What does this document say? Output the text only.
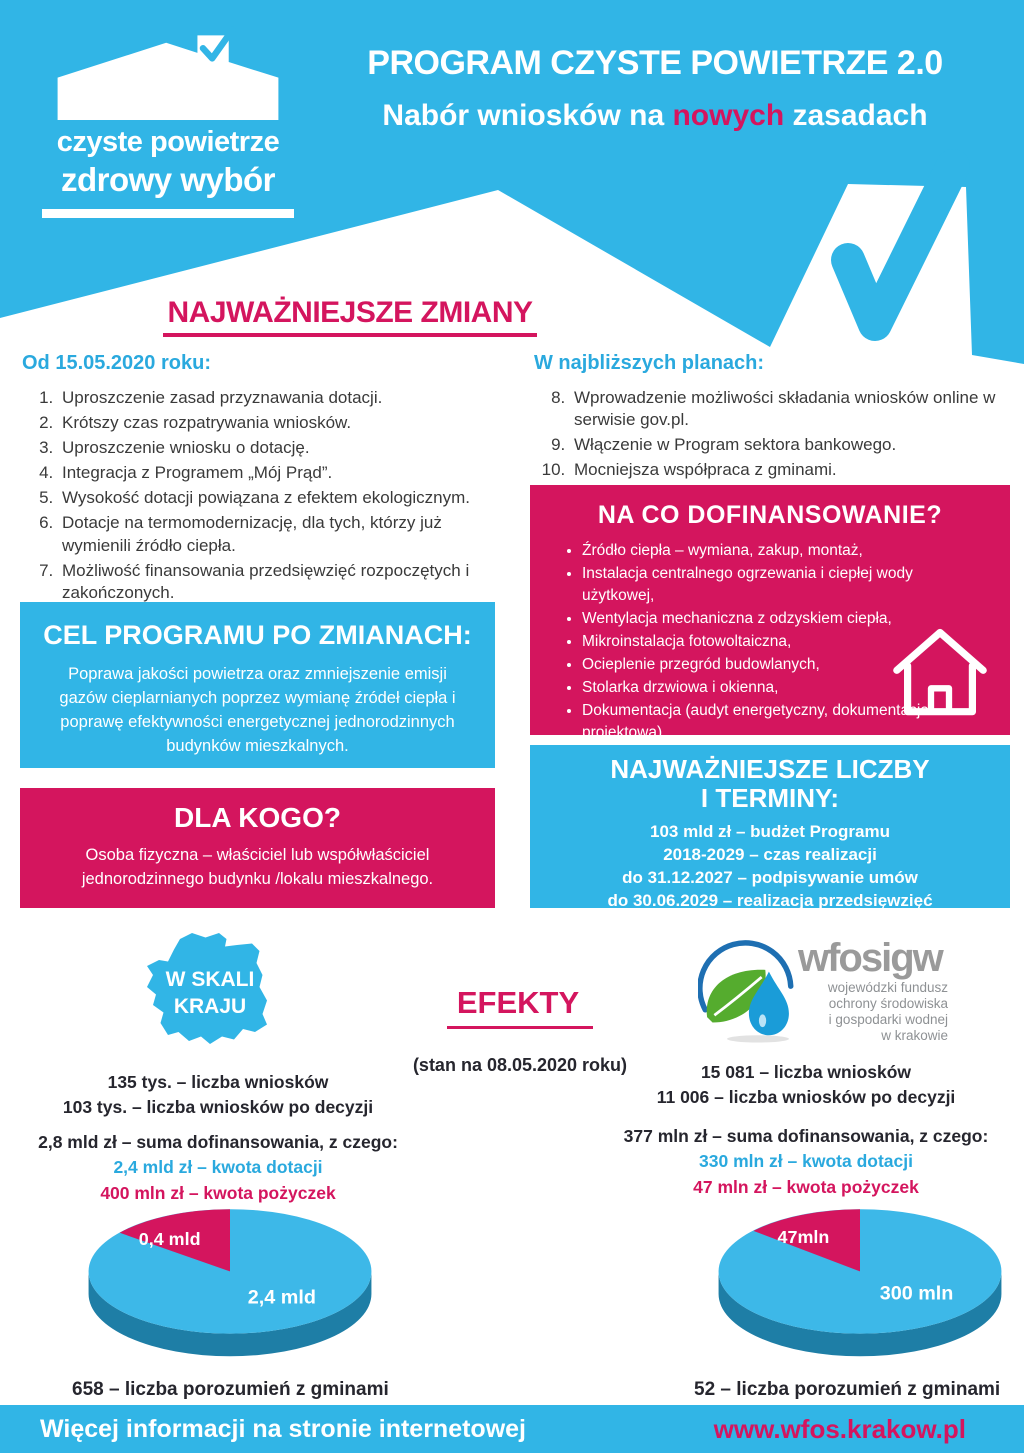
czyste powietrze
zdrowy wybór
PROGRAM CZYSTE POWIETRZE 2.0

Nabór wniosków na nowych zasadach

NAJWAŻNIEJSZE ZMIANY
Od 15.05.2020 roku:
1. Uproszczenie zasad przyznawania dotacji.
2. Krótszy czas rozpatrywania wniosków.
3. Uproszczenie wniosku o dotację.
4. Integracja z Programem „Mój Prąd”.
5. Wysokość dotacji powiązana z efektem ekologicznym.
6. Dotacje na termomodernizację, dla tych, którzy już wymienili źródło ciepła.
7. Możliwość finansowania przedsięwzięć rozpoczętych i zakończonych.
W najbliższych planach:
8. Wprowadzenie możliwości składania wniosków online w serwisie gov.pl.
9. Włączenie w Program sektora bankowego.
10. Mocniejsza współpraca z gminami.
NA CO DOFINANSOWANIE?
• Źródło ciepła – wymiana, zakup, montaż,
• Instalacja centralnego ogrzewania i ciepłej wody użytkowej,
• Wentylacja mechaniczna z odzyskiem ciepła,
• Mikroinstalacja fotowoltaiczna,
• Ocieplenie przegród budowlanych,
• Stolarka drzwiowa i okienna,
• Dokumentacja (audyt energetyczny, dokumentacja projektowa).
CEL PROGRAMU PO ZMIANACH:

Poprawa jakości powietrza oraz zmniejszenie emisji gazów cieplarnianych poprzez wymianę źródeł ciepła i poprawę efektywności energetycznej jednorodzinnych budynków mieszkalnych.

DLA KOGO?

Osoba fizyczna – właściciel lub współwłaściciel jednorodzinnego budynku /lokalu mieszkalnego.

NAJWAŻNIEJSZE LICZBY
I TERMINY:
103 mld zł – budżet Programu
2018-2029 – czas realizacji
do 31.12.2027 – podpisywanie umów
do 30.06.2029 – realizacja przedsięwzięć
W SKALI
KRAJU	EFEKTY

(stan na 08.05.2020 roku)

wfosigw
wojewódzki fundusz
ochrony środowiska
i gospodarki wodnej
w krakowie
135 tys. – liczba wniosków
103 tys. – liczba wniosków po decyzji
2,8 mld zł – suma dofinansowania, z czego:
2,4 mld zł – kwota dotacji
400 mln zł – kwota pożyczek
15 081 – liczba wniosków
11 006 – liczba wniosków po decyzji
377 mln zł – suma dofinansowania, z czego:
330 mln zł – kwota dotacji
47 mln zł – kwota pożyczek
0,4 mld
2,4 mld

658 – liczba porozumień z gminami

47mln
300 mln

52 – liczba porozumień z gminami

Więcej informacji na stronie internetowej	www.wfos.krakow.pl
